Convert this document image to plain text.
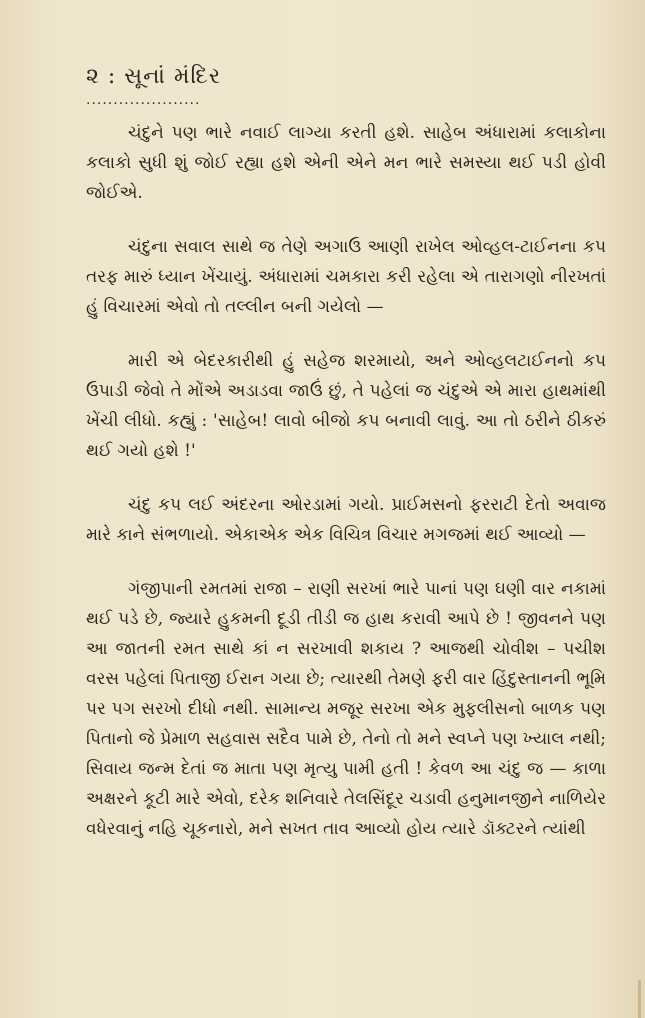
૨ : સૂનાં મંદિર
.....................

ચંદુને પણ ભારે નવાઈ લાગ્યા કરતી હશે. સાહેબ અંધારામાં કલાકોના કલાકો સુધી શું જોઈ રહ્યા હશે એની એને મન ભારે સમસ્યા થઈ પડી હોવી જોઈએ.

ચંદુના સવાલ સાથે જ તેણે અગાઉ આણી રાખેલ ઓવ્હલ-ટાઈનના કપ તરફ મારું ધ્યાન ખેંચાયું. અંધારામાં ચમકારા કરી રહેલા એ તારાગણો નીરખતાં હું વિચારમાં એવો તો તલ્લીન બની ગયેલો —

મારી એ બેદરકારીથી હું સહેજ શરમાયો, અને ઓવ્હલટાઈનનો કપ ઉપાડી જેવો તે મોંએ અડાડવા જાઉં છું, તે પહેલાં જ ચંદુએ એ મારા હાથમાંથી ખેંચી લીધો. કહ્યું : 'સાહેબ! લાવો બીજો કપ બનાવી લાવું. આ તો ઠરીને ઠીકરું થઈ ગયો હશે !'

ચંદુ કપ લઈ અંદરના ઓરડામાં ગયો. પ્રાઈમસનો ફરરાટી દેતો અવાજ મારે કાને સંભળાયો. એકાએક એક વિચિત્ર વિચાર મગજમાં થઈ આવ્યો —

ગંજીપાની રમતમાં રાજા – રાણી સરખાં ભારે પાનાં પણ ઘણી વાર નકામાં થઈ પડે છે, જ્યારે હુકમની દૂડી તીડી જ હાથ કરાવી આપે છે ! જીવનને પણ આ જાતની રમત સાથે કાં ન સરખાવી શકાય ? આજથી ચોવીશ – પચીશ વરસ પહેલાં પિતાજી ઈરાન ગયા છે; ત્યારથી તેમણે ફરી વાર હિંદુસ્તાનની ભૂમિ પર પગ સરખો દીધો નથી. સામાન્ય મજૂર સરખા એક મુફલીસનો બાળક પણ પિતાનો જે પ્રેમાળ સહવાસ સદૈવ પામે છે, તેનો તો મને સ્વપ્ને પણ ખ્યાલ નથી; સિવાય જન્મ દેતાં જ માતા પણ મૃત્યુ પામી હતી ! કેવળ આ ચંદુ જ — કાળા અક્ષરને કૂટી મારે એવો, દરેક શનિવારે તેલસિંદૂર ચડાવી હનુમાનજીને નાળિયેર વધેરવાનું નહિ ચૂકનારો, મને સખત તાવ આવ્યો હોય ત્યારે ડૉક્ટરને ત્યાંથી
